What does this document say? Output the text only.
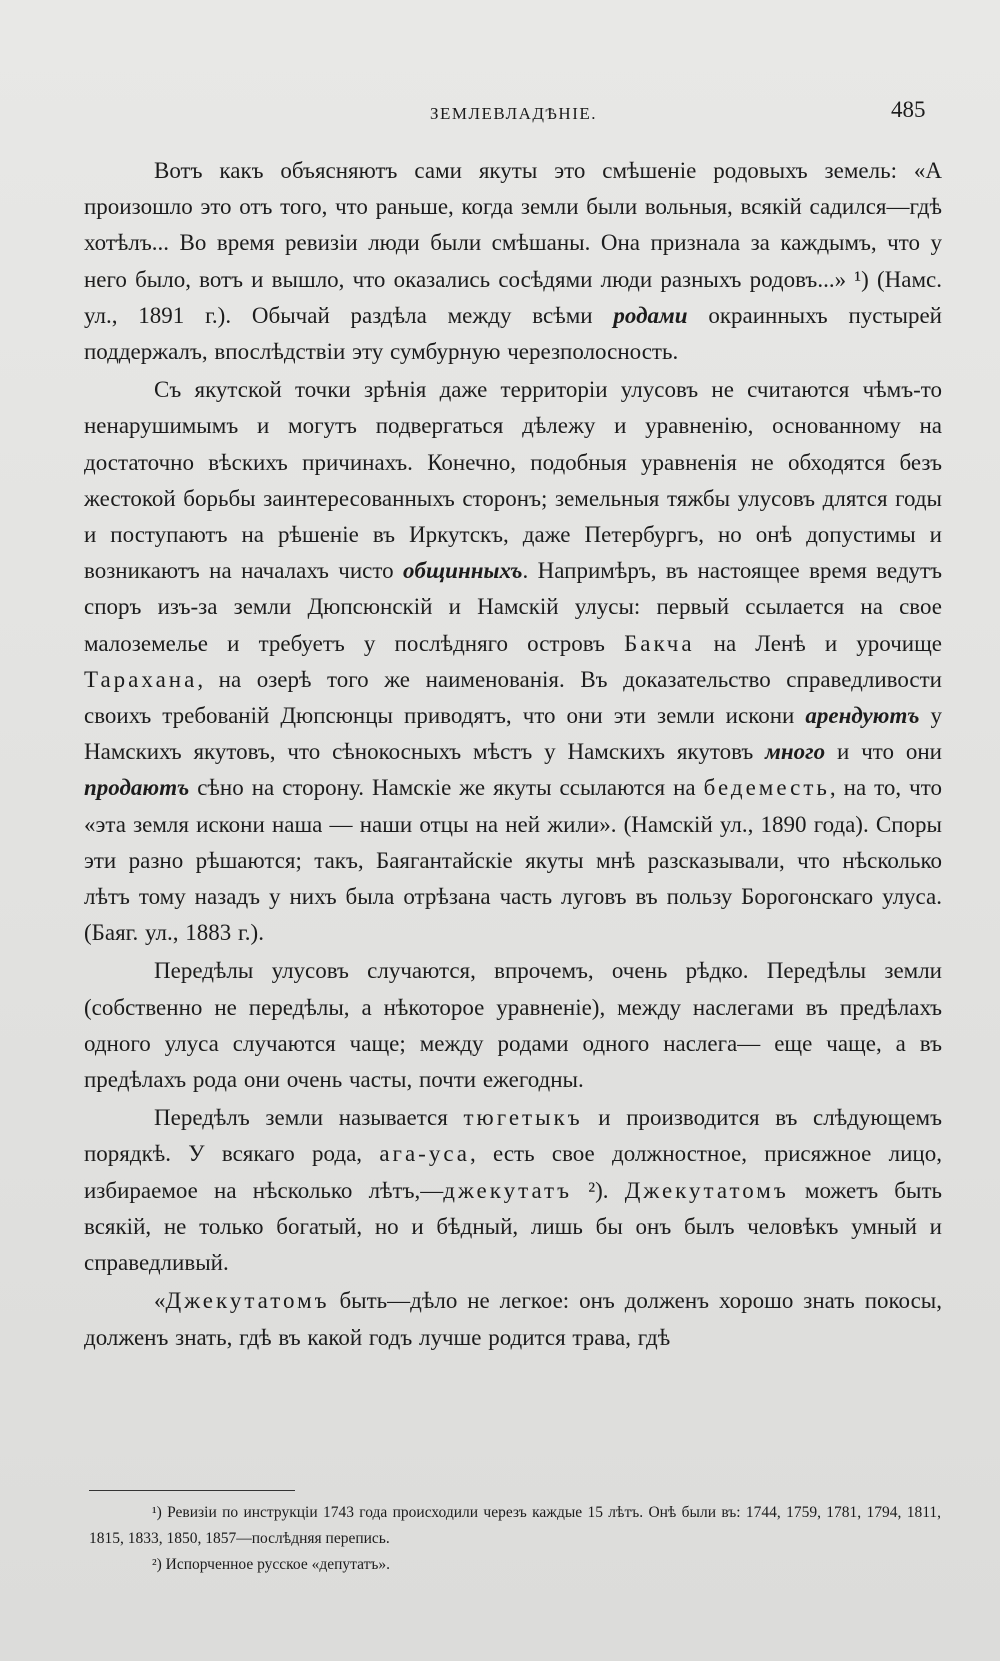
ЗЕМЛЕВЛАДѢНІЕ.	485

Вотъ какъ объясняютъ сами якуты это смѣшеніе родовыхъ земель: «А произошло это отъ того, что раньше, когда земли были вольныя, всякій садился—гдѣ хотѣлъ... Во время ревизіи люди были смѣшаны. Она признала за каждымъ, что у него было, вотъ и вышло, что оказались сосѣдями люди разныхъ родовъ...» ¹) (Намс. ул., 1891 г.). Обычай раздѣла между всѣми родами окраинныхъ пустырей поддержалъ, впослѣдствіи эту сумбурную черезполосность.

Съ якутской точки зрѣнія даже территоріи улусовъ не считаются чѣмъ-то ненарушимымъ и могутъ подвергаться дѣлежу и уравненію, основанному на достаточно вѣскихъ причинахъ. Конечно, подобныя уравненія не обходятся безъ жестокой борьбы заинтересованныхъ сторонъ; земельныя тяжбы улусовъ длятся годы и поступаютъ на рѣшеніе въ Иркутскъ, даже Петербургъ, но онѣ допустимы и возникаютъ на началахъ чисто общинныхъ. Напримѣръ, въ настоящее время ведутъ споръ изъ-за земли Дюпсюнскій и Намскій улусы: первый ссылается на свое малоземелье и требуетъ у послѣдняго островъ Бакча на Ленѣ и урочище Тарахана, на озерѣ того же наименованія. Въ доказательство справедливости своихъ требованій Дюпсюнцы приводятъ, что они эти земли искони арендуютъ у Намскихъ якутовъ, что сѣнокосныхъ мѣстъ у Намскихъ якутовъ много и что они продаютъ сѣно на сторону. Намскіе же якуты ссылаются на бедеместь, на то, что «эта земля искони наша — наши отцы на ней жили». (Намскій ул., 1890 года). Споры эти разно рѣшаются; такъ, Баягантайскіе якуты мнѣ разсказывали, что нѣсколько лѣтъ тому назадъ у нихъ была отрѣзана часть луговъ въ пользу Борогонскаго улуса. (Баяг. ул., 1883 г.).

Передѣлы улусовъ случаются, впрочемъ, очень рѣдко. Передѣлы земли (собственно не передѣлы, а нѣкоторое уравненіе), между наслегами въ предѣлахъ одного улуса случаются чаще; между родами одного наслега— еще чаще, а въ предѣлахъ рода они очень часты, почти ежегодны.

Передѣлъ земли называется тюгетыкъ и производится въ слѣдующемъ порядкѣ. У всякаго рода, ага-уса, есть свое должностное, присяжное лицо, избираемое на нѣсколько лѣтъ,—джекутатъ ²). Джекутатомъ можетъ быть всякій, не только богатый, но и бѣдный, лишь бы онъ былъ человѣкъ умный и справедливый.

«Джекутатомъ быть—дѣло не легкое: онъ долженъ хорошо знать покосы, долженъ знать, гдѣ въ какой годъ лучше родится трава, гдѣ

¹) Ревизіи по инструкціи 1743 года происходили черезъ каждые 15 лѣтъ. Онѣ были въ: 1744, 1759, 1781, 1794, 1811, 1815, 1833, 1850, 1857—послѣдняя перепись.

²) Испорченное русское «депутатъ».
